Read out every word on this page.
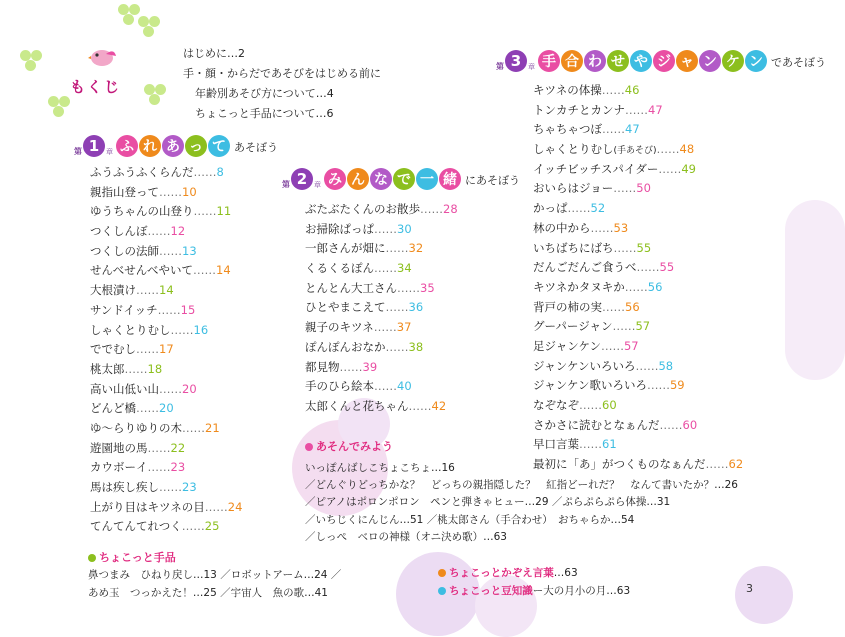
もくじ
はじめに…2
手・顔・からだであそびをはじめる前に
年齢別あそび方について…4
ちょこっと手品について…6
第 1 章 ふ れ あ っ て あそぼう
第 2 章 み ん な で 一 緒 にあそぼう
第 3 章 手 合 わ せ や ジ ャ ン ケ ン であそぼう
ふうふうふくらんだ……8
親指山登って……10
ゆうちゃんの山登り……11
つくしんぼ……12
つくしの法師……13
せんべせんべやいて……14
大根漬け……14
サンドイッチ……15
しゃくとりむし……16
ででむし……17
桃太郎……18
高い山低い山……20
どんど橋……20
ゆ〜らりゆりの木……21
遊園地の馬……22
カウボーイ……23
馬は疾し疾し……23
上がり目はキツネの目……24
てんてんてれつく……25
ぶたぶたくんのお散歩……28
お掃除ぱっぱ……30
一郎さんが畑に……32
くるくるぽん……34
とんとん大工さん……35
ひとやまこえて……36
親子のキツネ……37
ぽんぽんおなか……38
都見物……39
手のひら絵本……40
太郎くんと花ちゃん……42
キツネの体操……46
トンカチとカンナ……47
ちゃちゃつぼ……47
しゃくとりむし(手あそび)……48
イッチビッチスパイダー……49
おいらはジョー……50
かっぱ……52
林の中から……53
いちばちにばち……55
だんごだんご食うべ……55
キツネかタヌキか……56
背戸の柿の実……56
グーパージャン……57
足ジャンケン……57
ジャンケンいろいろ……58
ジャンケン歌いろいろ……59
なぞなぞ……60
さかさに読むとなぁんだ……60
早口言葉……61
最初に「あ」がつくものなぁんだ……62
あそんでみよう
いっぽんばしこちょこちょ…16
／どんぐりどっちかな？　どっちの親指隠した？　紅指どーれだ？　なんて書いたか？…26
／ピアノはポロンポロン　ペンと弾きゃヒュー…29 ／ぷらぷらぷら体操…31
／いちじくにんじん…51 ／桃太郎さん（手合わせ）　おちゃらか…54
／しっぺ　ベロの神様（オニ決め歌）…63
ちょこっと手品
鼻つまみ　ひねり戻し…13 ／ロボットアーム…24 ／
あめ玉　つっかえた！…25 ／宇宙人　魚の歌…41
ちょこっとかぞえ言葉…63
ちょこっと豆知識ー大の月小の月…63	3
